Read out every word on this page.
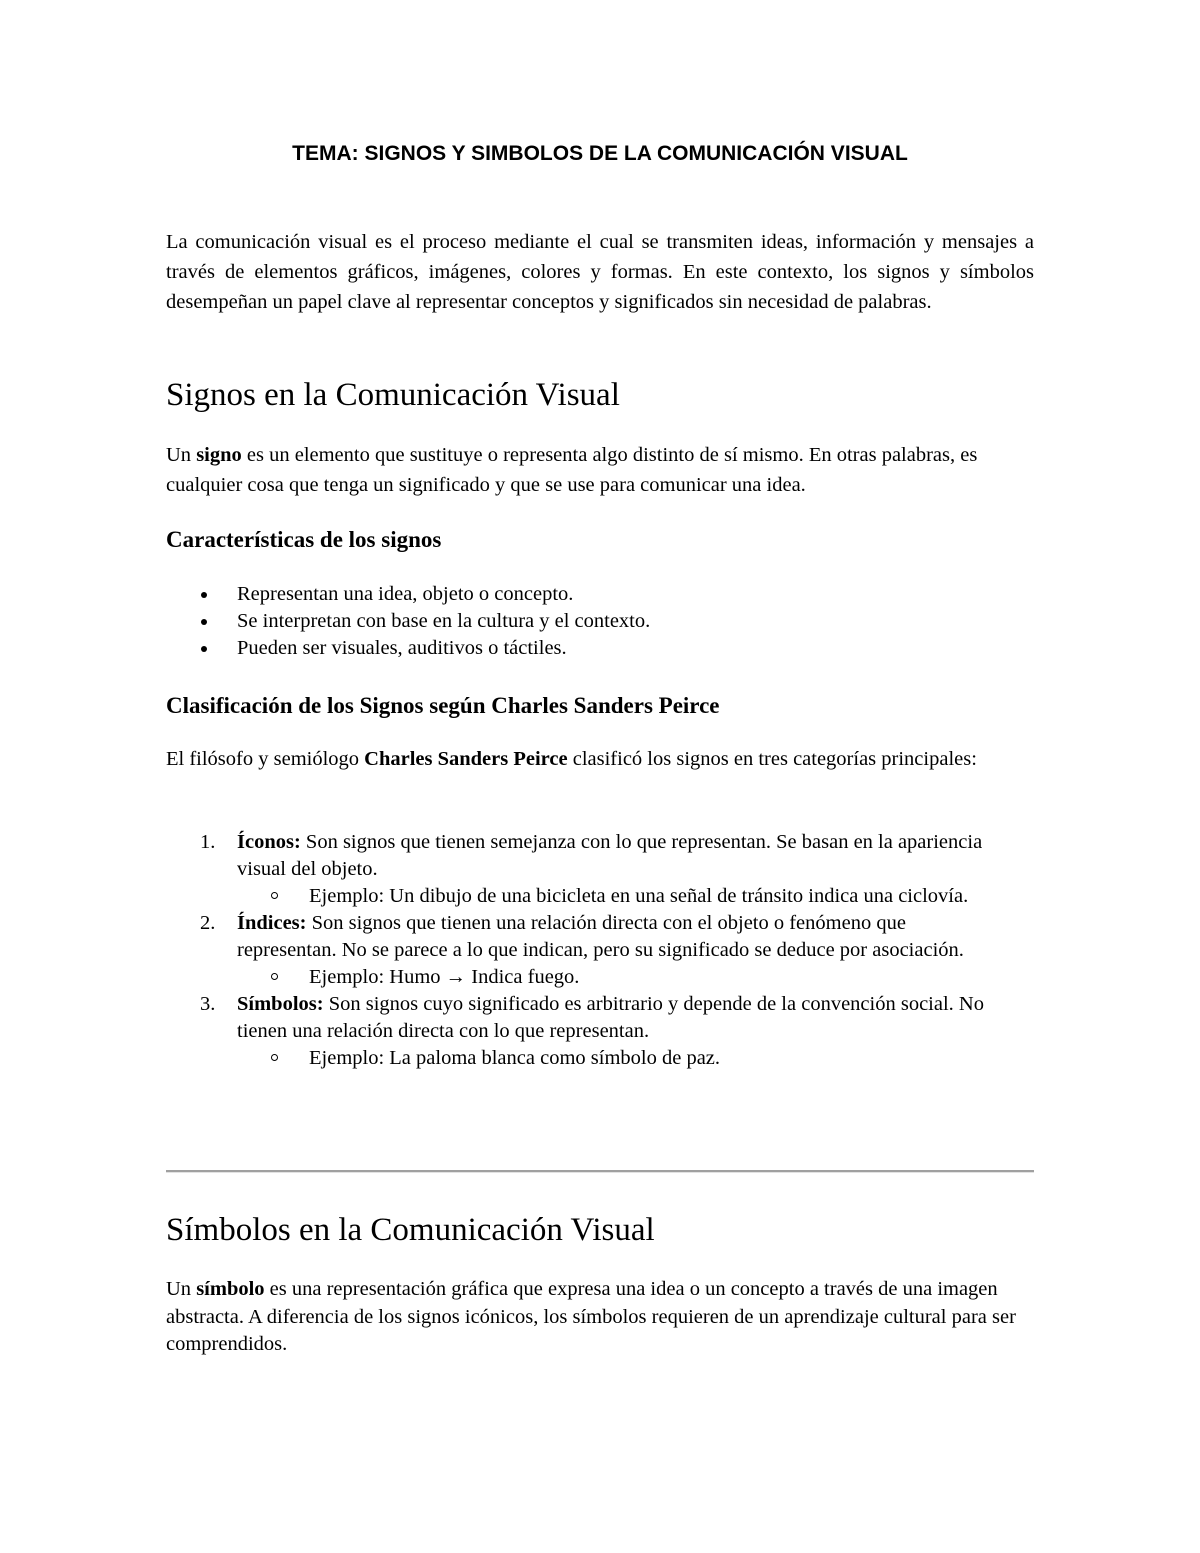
TEMA: SIGNOS Y SIMBOLOS DE LA COMUNICACIÓN VISUAL

La comunicación visual es el proceso mediante el cual se transmiten ideas, información y mensajes a través de elementos gráficos, imágenes, colores y formas. En este contexto, los signos y símbolos desempeñan un papel clave al representar conceptos y significados sin necesidad de palabras.

Signos en la Comunicación Visual

Un signo es un elemento que sustituye o representa algo distinto de sí mismo. En otras palabras, es cualquier cosa que tenga un significado y que se use para comunicar una idea.

Características de los signos
Representan una idea, objeto o concepto.
Se interpretan con base en la cultura y el contexto.
Pueden ser visuales, auditivos o táctiles.
Clasificación de los Signos según Charles Sanders Peirce

El filósofo y semiólogo Charles Sanders Peirce clasificó los signos en tres categorías principales:

1. Íconos: Son signos que tienen semejanza con lo que representan. Se basan en la apariencia visual del objeto.
Ejemplo: Un dibujo de una bicicleta en una señal de tránsito indica una ciclovía.
2. Índices: Son signos que tienen una relación directa con el objeto o fenómeno que representan. No se parece a lo que indican, pero su significado se deduce por asociación.
Ejemplo: Humo → Indica fuego.
3. Símbolos: Son signos cuyo significado es arbitrario y depende de la convención social. No tienen una relación directa con lo que representan.
Ejemplo: La paloma blanca como símbolo de paz.
Símbolos en la Comunicación Visual

Un símbolo es una representación gráfica que expresa una idea o un concepto a través de una imagen abstracta. A diferencia de los signos icónicos, los símbolos requieren de un aprendizaje cultural para ser comprendidos.
